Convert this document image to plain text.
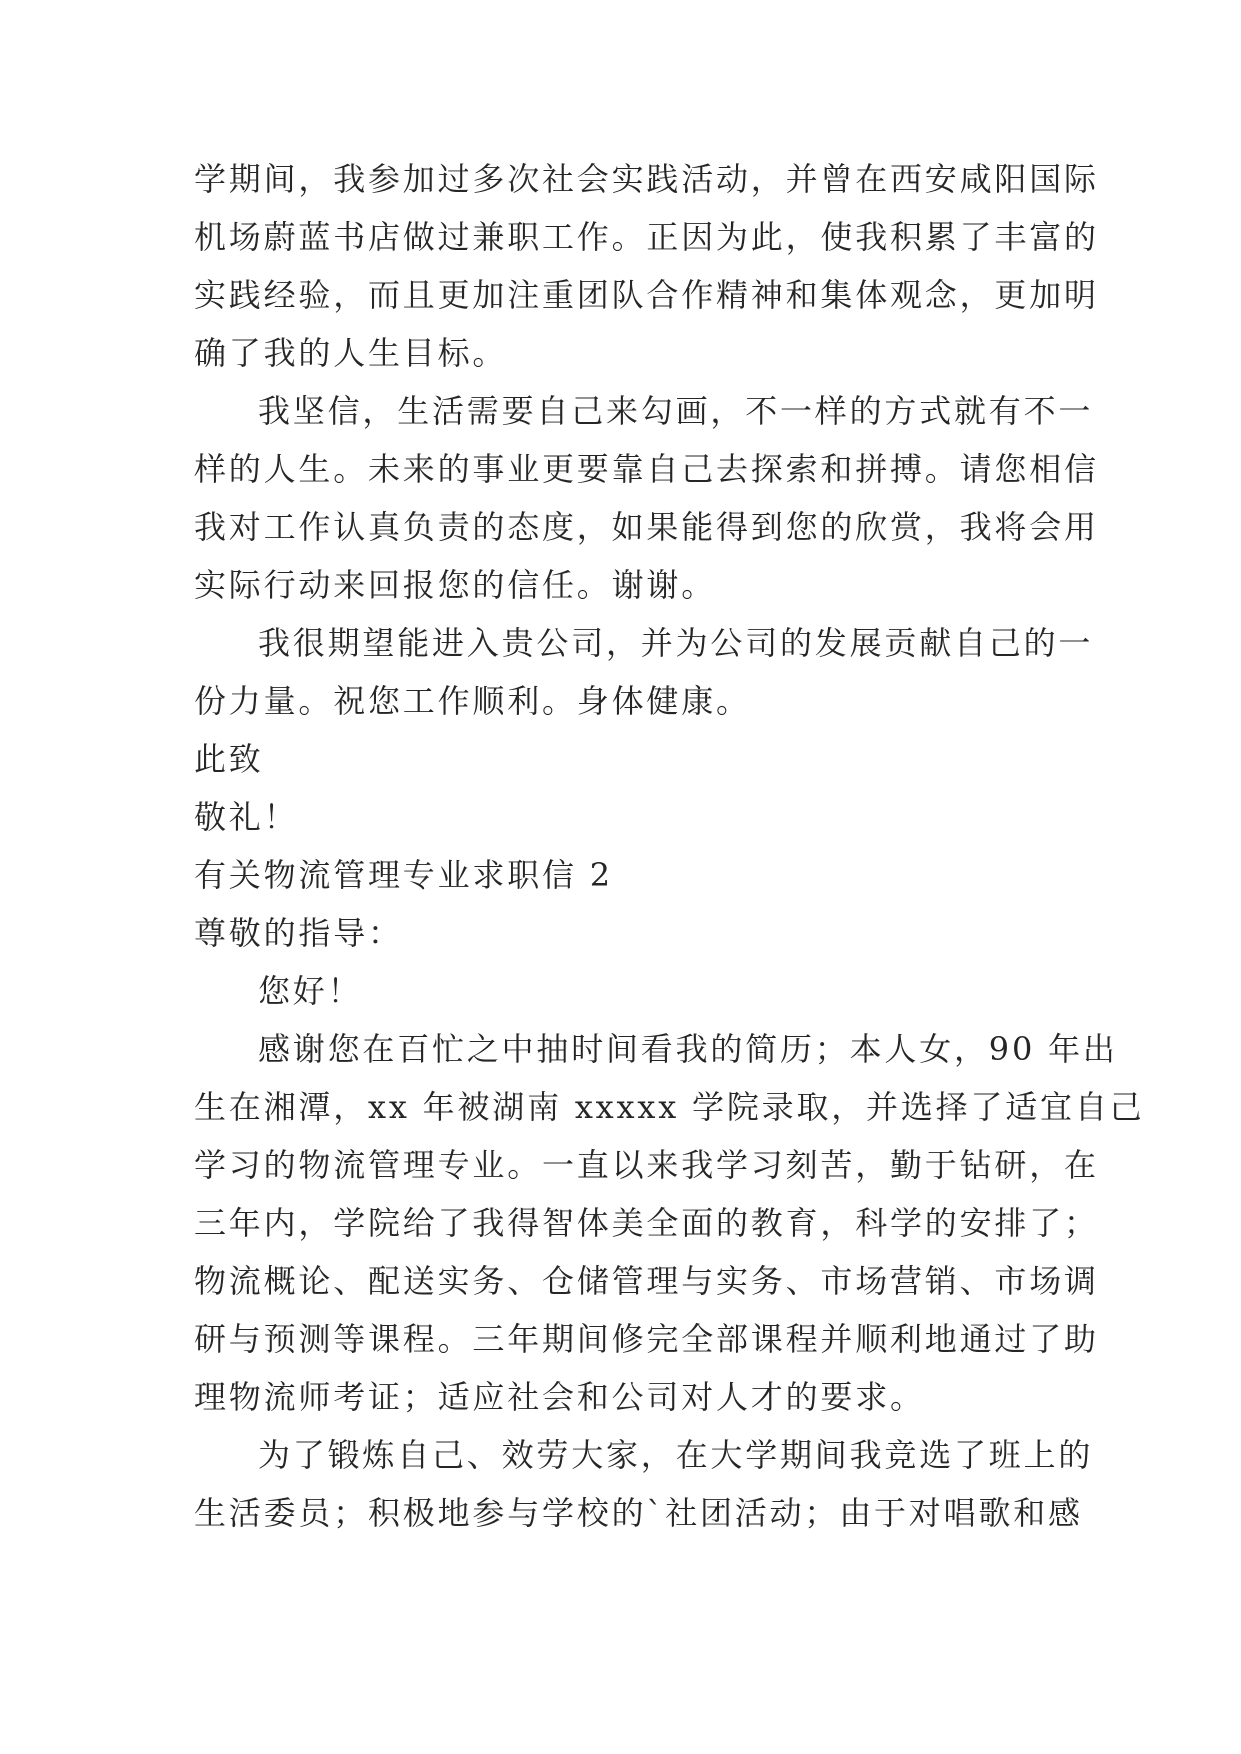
学期间，我参加过多次社会实践活动，并曾在西安咸阳国际
机场蔚蓝书店做过兼职工作。正因为此，使我积累了丰富的
实践经验，而且更加注重团队合作精神和集体观念，更加明
确了我的人生目标。
我坚信，生活需要自己来勾画，不一样的方式就有不一
样的人生。未来的事业更要靠自己去探索和拼搏。请您相信
我对工作认真负责的态度，如果能得到您的欣赏，我将会用
实际行动来回报您的信任。谢谢。
我很期望能进入贵公司，并为公司的发展贡献自己的一
份力量。祝您工作顺利。身体健康。
此致
敬礼！
有关物流管理专业求职信 2
尊敬的指导：
您好！
感谢您在百忙之中抽时间看我的简历；本人女，90 年出
生在湘潭，xx 年被湖南 xxxxx 学院录取，并选择了适宜自己
学习的物流管理专业。一直以来我学习刻苦，勤于钻研，在
三年内，学院给了我得智体美全面的教育，科学的安排了；
物流概论、配送实务、仓储管理与实务、市场营销、市场调
研与预测等课程。三年期间修完全部课程并顺利地通过了助
理物流师考证；适应社会和公司对人才的要求。
为了锻炼自己、效劳大家，在大学期间我竞选了班上的
生活委员；积极地参与学校的`社团活动；由于对唱歌和感
